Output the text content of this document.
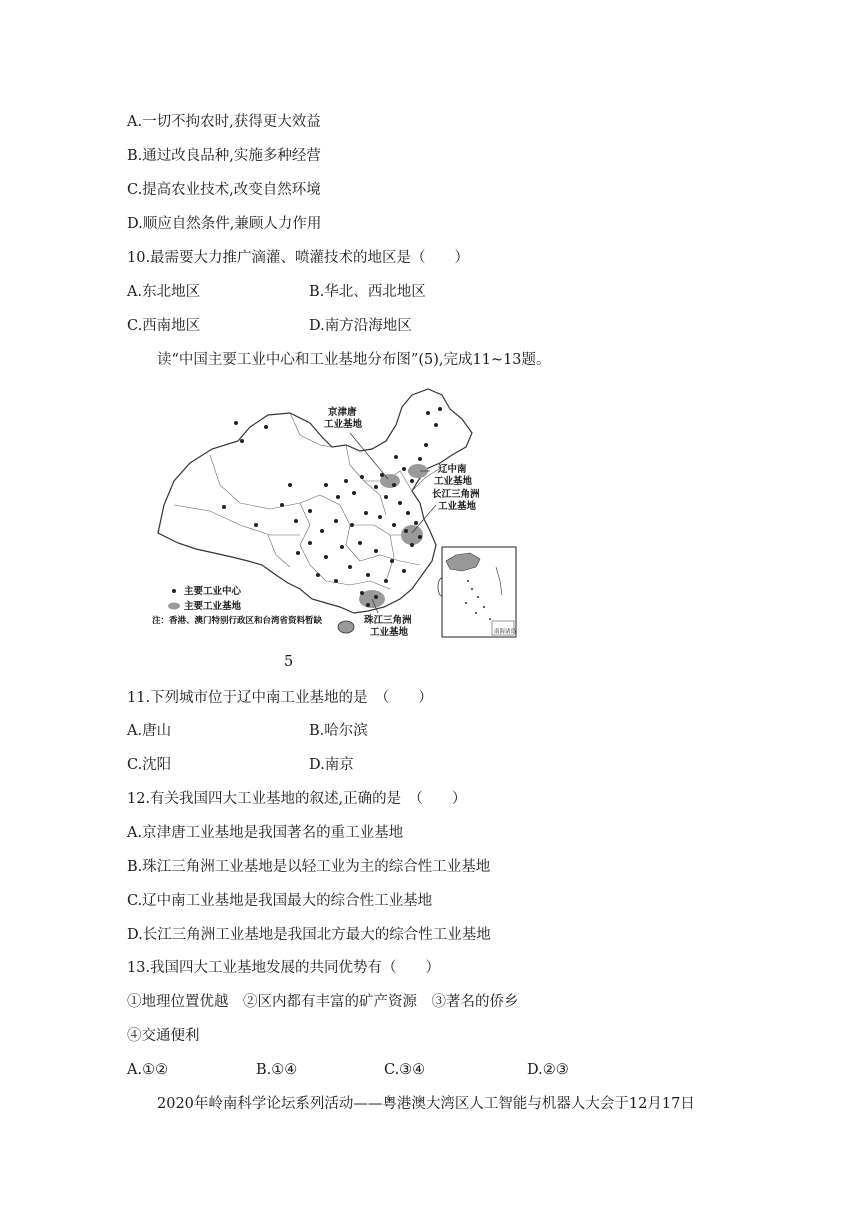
A.一切不拘农时,获得更大效益
B.通过改良品种,实施多种经营
C.提高农业技术,改变自然环境
D.顺应自然条件,兼顾人力作用
10.最需要大力推广滴灌、喷灌技术的地区是（　　）
A.东北地区	B.华北、西北地区
C.西南地区	D.南方沿海地区
读“中国主要工业中心和工业基地分布图”(5),完成11~13题。
京津唐
工业基地
辽中南
工业基地
长江三角洲
工业基地
珠江三角洲
工业基地
主要工业中心
主要工业基地
注：香港、澳门特别行政区和台湾省资料暂缺
南海诸岛
5
11.下列城市位于辽中南工业基地的是　（　　）
A.唐山	B.哈尔滨
C.沈阳	D.南京
12.有关我国四大工业基地的叙述,正确的是　（　　）
A.京津唐工业基地是我国著名的重工业基地
B.珠江三角洲工业基地是以轻工业为主的综合性工业基地
C.辽中南工业基地是我国最大的综合性工业基地
D.长江三角洲工业基地是我国北方最大的综合性工业基地
13.我国四大工业基地发展的共同优势有（　　）
①地理位置优越　②区内都有丰富的矿产资源　③著名的侨乡
④交通便利
A.①②	B.①④	C.③④	D.②③
2020年岭南科学论坛系列活动——粤港澳大湾区人工智能与机器人大会于12月17日
